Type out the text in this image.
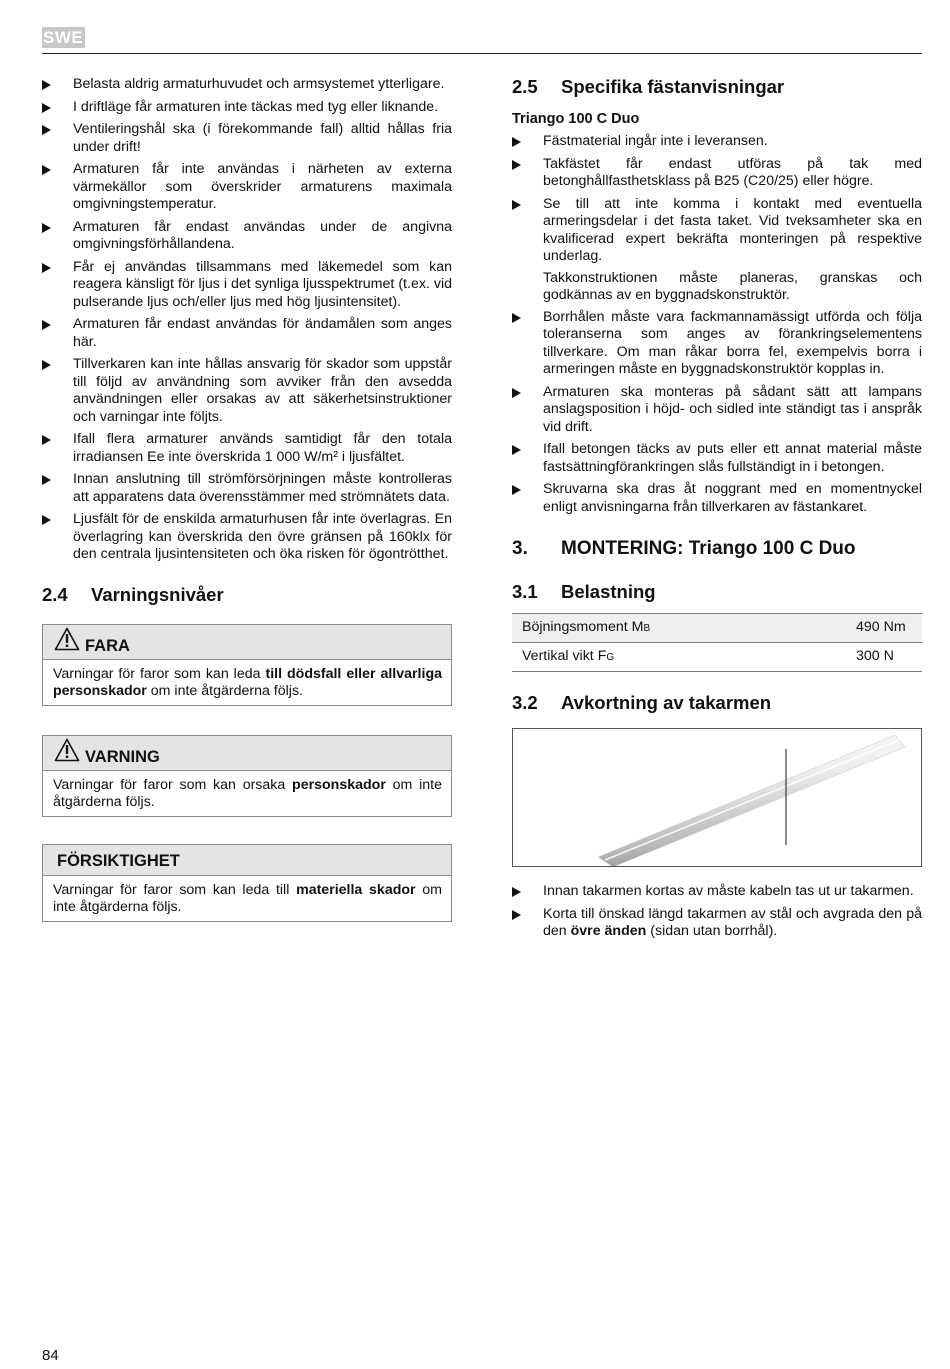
SWE
Belasta aldrig armaturhuvudet och armsystemet ytterligare.
I driftläge får armaturen inte täckas med tyg eller liknande.
Ventileringshål ska (i förekommande fall) alltid hållas fria under drift!
Armaturen får inte användas i närheten av externa värmekällor som överskrider armaturens maximala omgivningstemperatur.
Armaturen får endast användas under de angivna omgivningsförhållandena.
Får ej användas tillsammans med läkemedel som kan reagera känsligt för ljus i det synliga ljusspektrumet (t.ex. vid pulserande ljus och/eller ljus med hög ljusintensitet).
Armaturen får endast användas för ändamålen som anges här.
Tillverkaren kan inte hållas ansvarig för skador som uppstår till följd av användning som avviker från den avsedda användningen eller orsakas av att säkerhetsinstruktioner och varningar inte följts.
Ifall flera armaturer används samtidigt får den totala irradiansen Ee inte överskrida 1 000 W/m² i ljusfältet.
Innan anslutning till strömförsörjningen måste kontrolleras att apparatens data överensstämmer med strömnätets data.
Ljusfält för de enskilda armaturhusen får inte överlagras. En överlagring kan överskrida den övre gränsen på 160klx för den centrala ljusintensiteten och öka risken för ögontrötthet.
2.4 Varningsnivåer
FARA
Varningar för faror som kan leda till dödsfall eller allvarliga personskador om inte åtgärderna följs.
VARNING
Varningar för faror som kan orsaka personskador om inte åtgärderna följs.
FÖRSIKTIGHET
Varningar för faror som kan leda till materiella skador om inte åtgärderna följs.
2.5 Specifika fästanvisningar
Triango 100 C Duo
Fästmaterial ingår inte i leveransen.
Takfästet får endast utföras på tak med betonghållfasthetsklass på B25 (C20/25) eller högre.
Se till att inte komma i kontakt med eventuella armeringsdelar i det fasta taket. Vid tveksamheter ska en kvalificerad expert bekräfta monteringen på respektive underlag.
Takkonstruktionen måste planeras, granskas och godkännas av en byggnadskonstruktör.
Borrhålen måste vara fackmannamässigt utförda och följa toleranserna som anges av förankringselementens tillverkare. Om man råkar borra fel, exempelvis borra i armeringen måste en byggnadskonstruktör kopplas in.
Armaturen ska monteras på sådant sätt att lampans anslagsposition i höjd- och sidled inte ständigt tas i anspråk vid drift.
Ifall betongen täcks av puts eller ett annat material måste fastsättningförankringen slås fullständigt in i betongen.
Skruvarna ska dras åt noggrant med en momentnyckel enligt anvisningarna från tillverkaren av fästankaret.
3. MONTERING: Triango 100 C Duo
3.1 Belastning
Böjningsmoment MB	490 Nm
Vertikal vikt FG	300 N
3.2 Avkortning av takarmen
Innan takarmen kortas av måste kabeln tas ut ur takarmen.
Korta till önskad längd takarmen av stål och avgrada den på den övre änden (sidan utan borrhål).
84
